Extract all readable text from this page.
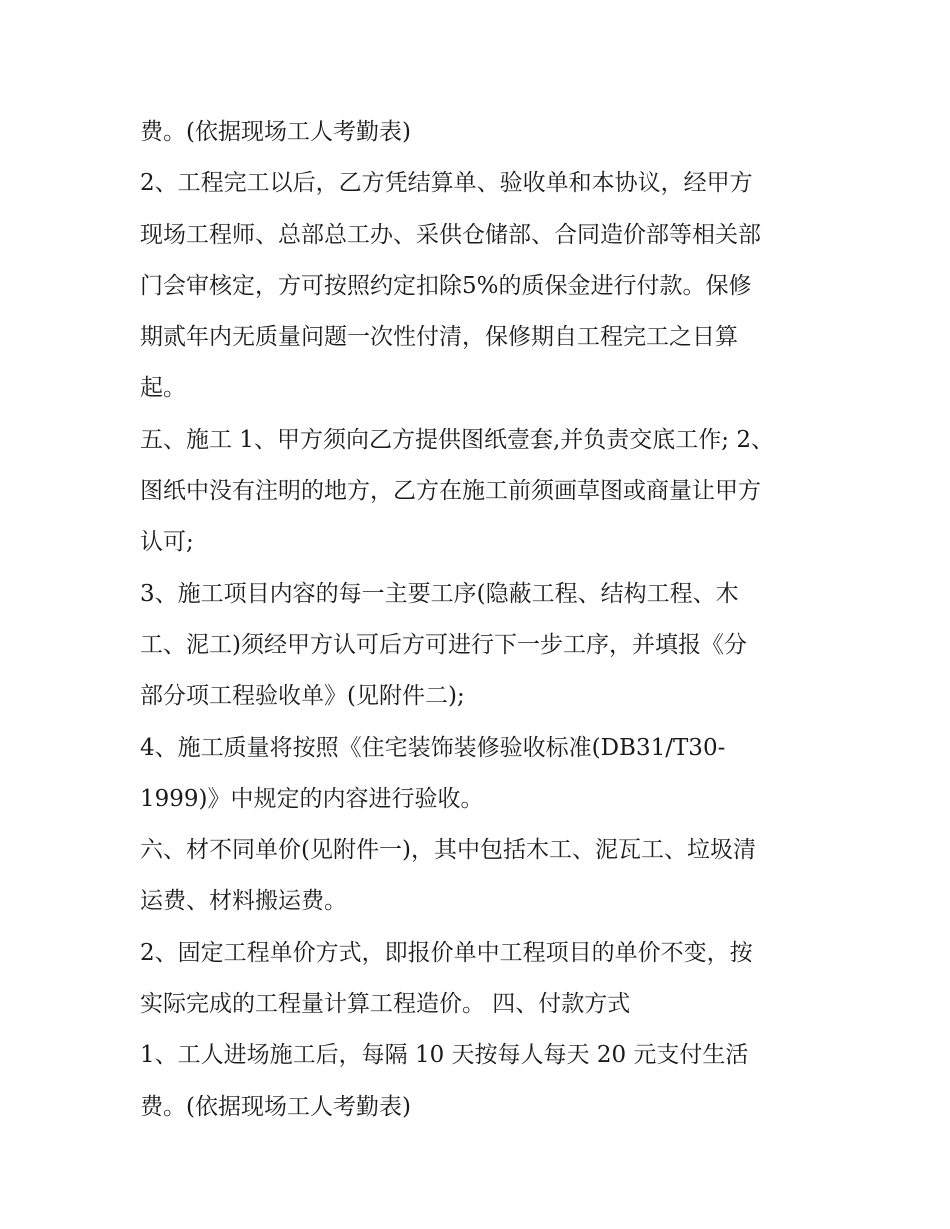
费。(依据现场工人考勤表)
2、工程完工以后，乙方凭结算单、验收单和本协议，经甲方
现场工程师、总部总工办、采供仓储部、合同造价部等相关部
门会审核定，方可按照约定扣除5%的质保金进行付款。保修
期贰年内无质量问题一次性付清，保修期自工程完工之日算
起。
五、施工 1、甲方须向乙方提供图纸壹套,并负责交底工作; 2、
图纸中没有注明的地方，乙方在施工前须画草图或商量让甲方
认可;
3、施工项目内容的每一主要工序(隐蔽工程、结构工程、木
工、泥工)须经甲方认可后方可进行下一步工序，并填报《分
部分项工程验收单》(见附件二);
4、施工质量将按照《住宅装饰装修验收标准(DB31/T30-
1999)》中规定的内容进行验收。
六、材不同单价(见附件一)，其中包括木工、泥瓦工、垃圾清
运费、材料搬运费。
2、固定工程单价方式，即报价单中工程项目的单价不变，按
实际完成的工程量计算工程造价。 四、付款方式
1、工人进场施工后，每隔 10 天按每人每天 20 元支付生活
费。(依据现场工人考勤表)
